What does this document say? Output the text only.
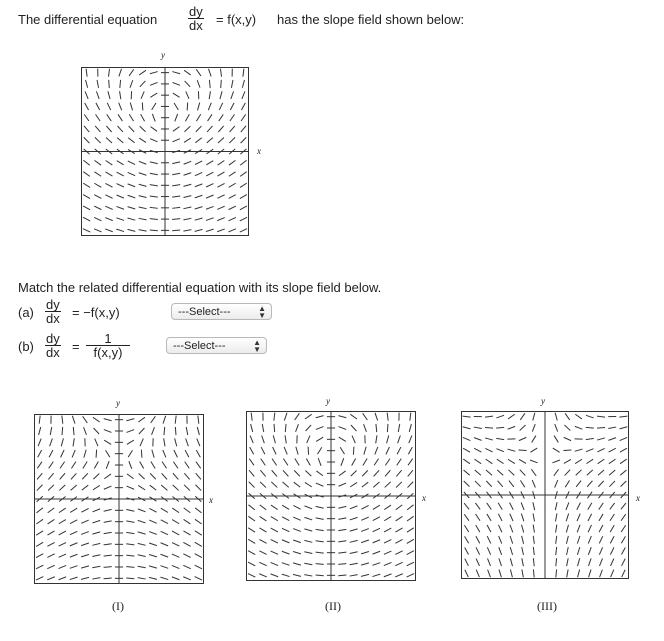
The differential equation $\frac{dy}{dx} = f(x,y)$ has the slope field shown below:
y
x
Match the related differential equation with its slope field below.
$(a) \frac{dy}{dx} = -f(x,y)$	---Select---	▲
▼
$(b) \frac{dy}{dx} = \frac{1}{f(x,y)}$	---Select---	▲
▼
y
x
(I)
y
x
(II)
y
x
(III)
